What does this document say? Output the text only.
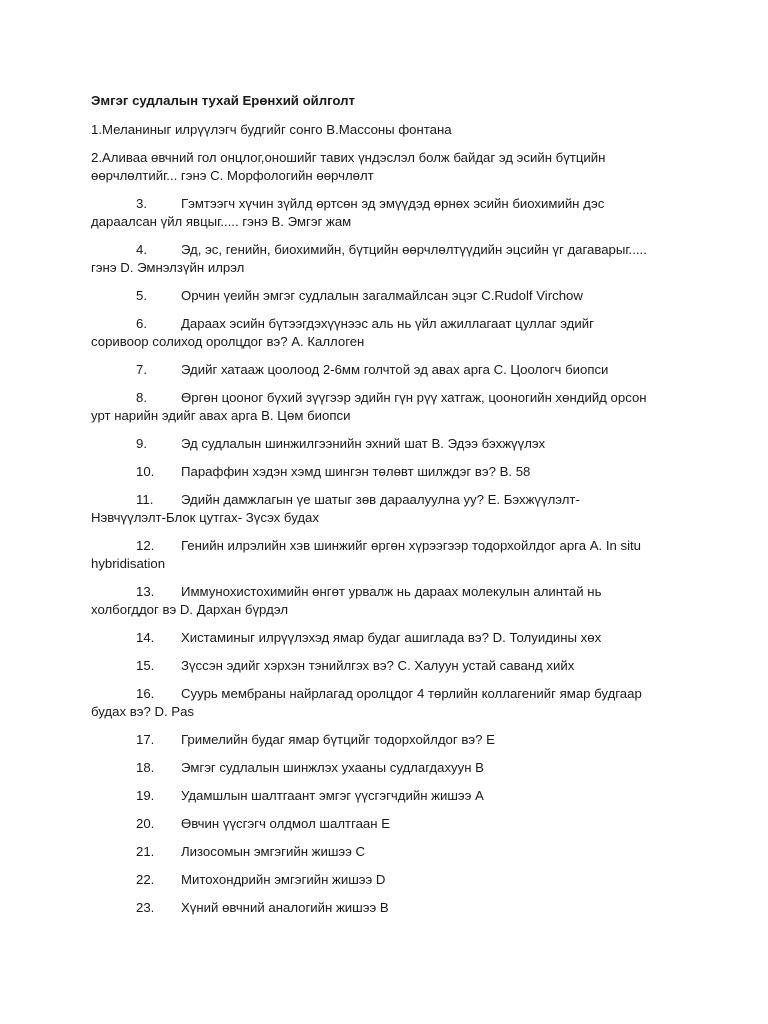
Эмгэг судлалын тухай Ерөнхий ойлголт
1.Меланиныг илрүүлэгч будгийг сонго B.Массоны фонтана
2.Аливаа өвчний гол онцлог,оношийг тавих үндэслэл болж байдаг эд эсийн бүтцийн
өөрчлөлтийг... гэнэ C. Морфологийн өөрчлөлт
3.	Гэмтээгч хүчин зүйлд өртсөн эд эмүүдэд өрнөх эсийн биохимийн дэс
дараалсан үйл явцыг..... гэнэ B. Эмгэг жам
4.	Эд, эс, генийн, биохимийн, бүтцийн өөрчлөлтүүдийн эцсийн үг дагаварыг.....
гэнэ D. Эмнэлзүйн илрэл
5.	Орчин үеийн эмгэг судлалын загалмайлсан эцэг C.Rudolf Virchow
6.	Дараах эсийн бүтээгдэхүүнээс аль нь үйл ажиллагаат цуллаг эдийг
соривоор солиход оролцдог вэ? A. Каллоген
7.	Эдийг хатааж цоолоод 2-6мм голчтой эд авах арга C. Цоологч биопси
8.	Өргөн цооног бүхий зүүгээр эдийн гүн рүү хатгаж, цооногийн хөндийд орсон
урт нарийн эдийг авах арга B. Цөм биопси
9.	Эд судлалын шинжилгээнийн эхний шат B. Эдээ бэхжүүлэх
10. Параффин хэдэн хэмд шингэн төлөвт шилждэг вэ? B. 58
11. Эдийн дамжлагын үе шатыг зөв дараалуулна уу? E. Бэхжүүлэлт-
Нэвчүүлэлт-Блок цутгах- Зүсэх будах
12. Генийн илрэлийн хэв шинжийг өргөн хүрээгээр тодорхойлдог арга A. In situ
hybridisation
13. Иммунохистохимийн өнгөт урвалж нь дараах молекулын алинтай нь
холбогддог вэ D. Дархан бүрдэл
14. Хистаминыг илрүүлэхэд ямар будаг ашиглада вэ? D. Толуидины хөх
15. Зүссэн эдийг хэрхэн тэнийлгэх вэ? C. Халуун устай саванд хийх
16. Суурь мембраны найрлагад оролцдог 4 төрлийн коллагенийг ямар будгаар
будах вэ? D. Pas
17. Гримелийн будаг ямар бүтцийг тодорхойлдог вэ? E
18. Эмгэг судлалын шинжлэх ухааны судлагдахуун B
19. Удамшлын шалтгаант эмгэг үүсгэгчдийн жишээ A
20. Өвчин үүсгэгч олдмол шалтгаан E
21. Лизосомын эмгэгийн жишээ C
22. Митохондрийн эмгэгийн жишээ D
23. Хүний өвчний аналогийн жишээ B
